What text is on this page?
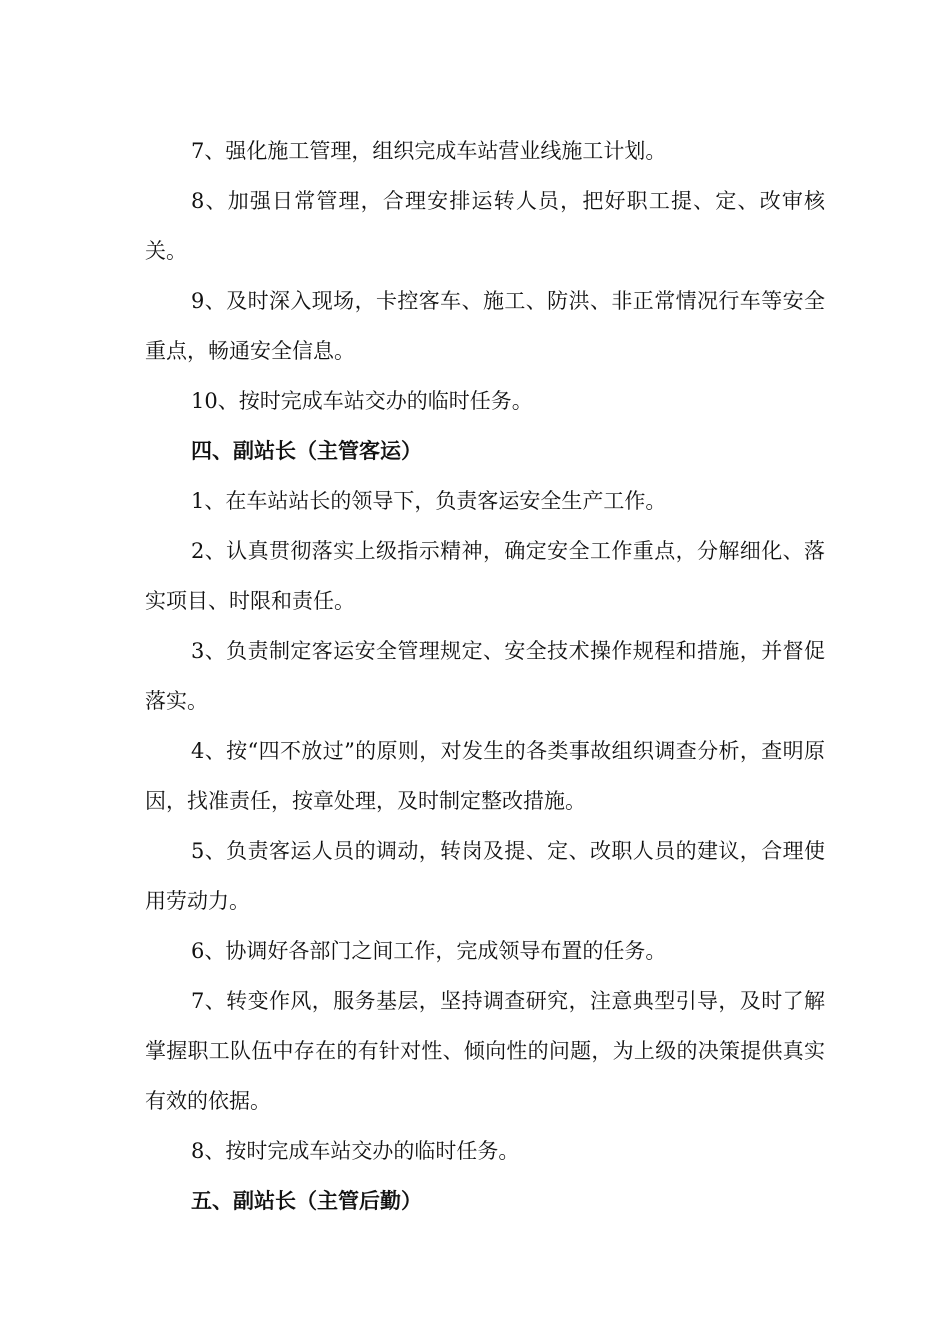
7、强化施工管理，组织完成车站营业线施工计划。

8、加强日常管理，合理安排运转人员，把好职工提、定、改审核关。

9、及时深入现场，卡控客车、施工、防洪、非正常情况行车等安全重点，畅通安全信息。

10、按时完成车站交办的临时任务。

四、副站长（主管客运）

1、在车站站长的领导下，负责客运安全生产工作。

2、认真贯彻落实上级指示精神，确定安全工作重点，分解细化、落实项目、时限和责任。

3、负责制定客运安全管理规定、安全技术操作规程和措施，并督促落实。

4、按“四不放过”的原则，对发生的各类事故组织调查分析，查明原因，找准责任，按章处理，及时制定整改措施。

5、负责客运人员的调动，转岗及提、定、改职人员的建议，合理使用劳动力。

6、协调好各部门之间工作，完成领导布置的任务。

7、转变作风，服务基层，坚持调查研究，注意典型引导，及时了解掌握职工队伍中存在的有针对性、倾向性的问题，为上级的决策提供真实有效的依据。

8、按时完成车站交办的临时任务。

五、副站长（主管后勤）
